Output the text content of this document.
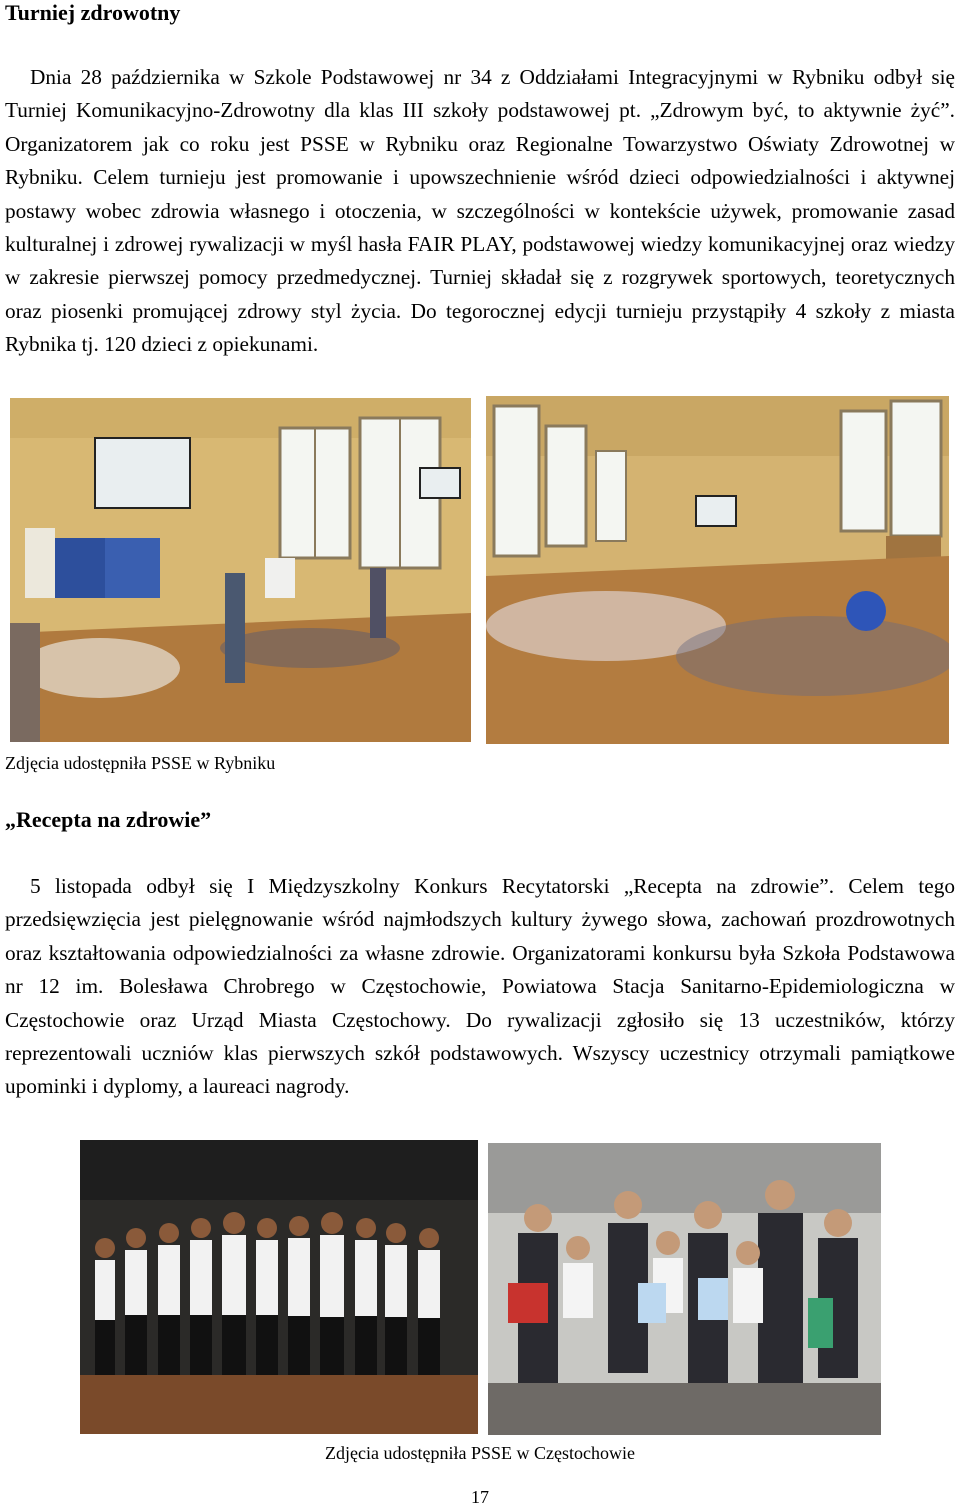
Turniej zdrowotny

Dnia 28 października w Szkole Podstawowej nr 34 z Oddziałami Integracyjnymi w Rybniku odbył się Turniej Komunikacyjno-Zdrowotny dla klas III szkoły podstawowej pt. „Zdrowym być, to aktywnie żyć”. Organizatorem jak co roku jest PSSE w Rybniku oraz Regionalne Towarzystwo Oświaty Zdrowotnej w Rybniku. Celem turnieju jest promowanie i upowszechnienie wśród dzieci odpowiedzialności i aktywnej postawy wobec zdrowia własnego i otoczenia, w szczególności w kontekście używek, promowanie zasad kulturalnej i zdrowej rywalizacji w myśl hasła FAIR PLAY, podstawowej wiedzy komunikacyjnej oraz wiedzy w zakresie pierwszej pomocy przedmedycznej. Turniej składał się z rozgrywek sportowych, teoretycznych oraz piosenki promującej zdrowy styl życia. Do tegorocznej edycji turnieju przystąpiły 4 szkoły z miasta Rybnika tj. 120 dzieci z opiekunami.

Zdjęcia udostępniła PSSE w Rybniku

„Recepta na zdrowie”

5 listopada odbył się I Międzyszkolny Konkurs Recytatorski „Recepta na zdrowie”. Celem tego przedsięwzięcia jest pielęgnowanie wśród najmłodszych kultury żywego słowa, zachowań prozdrowotnych oraz kształtowania odpowiedzialności za własne zdrowie. Organizatorami konkursu była Szkoła Podstawowa nr 12 im. Bolesława Chrobrego w Częstochowie, Powiatowa Stacja Sanitarno-Epidemiologiczna w Częstochowie oraz Urząd Miasta Częstochowy. Do rywalizacji zgłosiło się 13 uczestników, którzy reprezentowali uczniów klas pierwszych szkół podstawowych. Wszyscy uczestnicy otrzymali pamiątkowe upominki i dyplomy, a laureaci nagrody.

Zdjęcia udostępniła PSSE w Częstochowie

17
